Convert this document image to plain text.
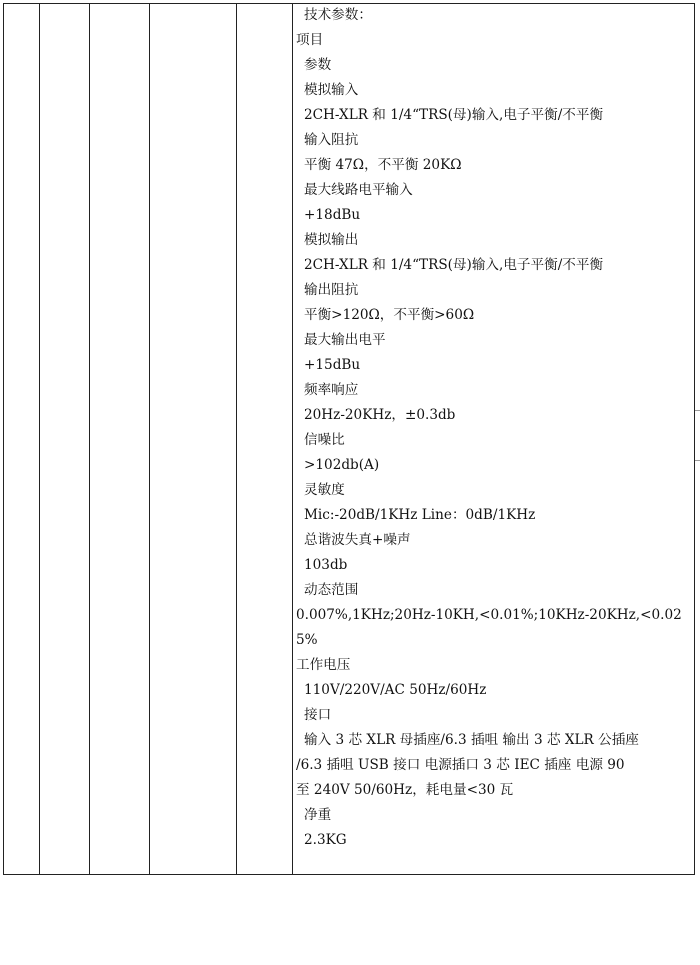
技术参数：
项目
参数
模拟输入
2CH-XLR 和 1/4“TRS(母)输入,电子平衡/不平衡
输入阻抗
平衡 47Ω，不平衡 20KΩ
最大线路电平输入
+18dBu
模拟输出
2CH-XLR 和 1/4“TRS(母)输入,电子平衡/不平衡
输出阻抗
平衡>120Ω，不平衡>60Ω
最大输出电平
+15dBu
频率响应
20Hz-20KHz，±0.3db
信噪比
>102db(A)
灵敏度
Mic:-20dB/1KHz Line：0dB/1KHz
总谐波失真+噪声
103db
动态范围
0.007%,1KHz;20Hz-10KH,<0.01%;10KHz-20KHz,<0.02
5%
工作电压
110V/220V/AC 50Hz/60Hz
接口
输入 3 芯 XLR 母插座/6.3 插咀 输出 3 芯 XLR 公插座
/6.3 插咀 USB 接口 电源插口 3 芯 IEC 插座 电源 90
至 240V 50/60Hz，耗电量<30 瓦
净重
2.3KG
